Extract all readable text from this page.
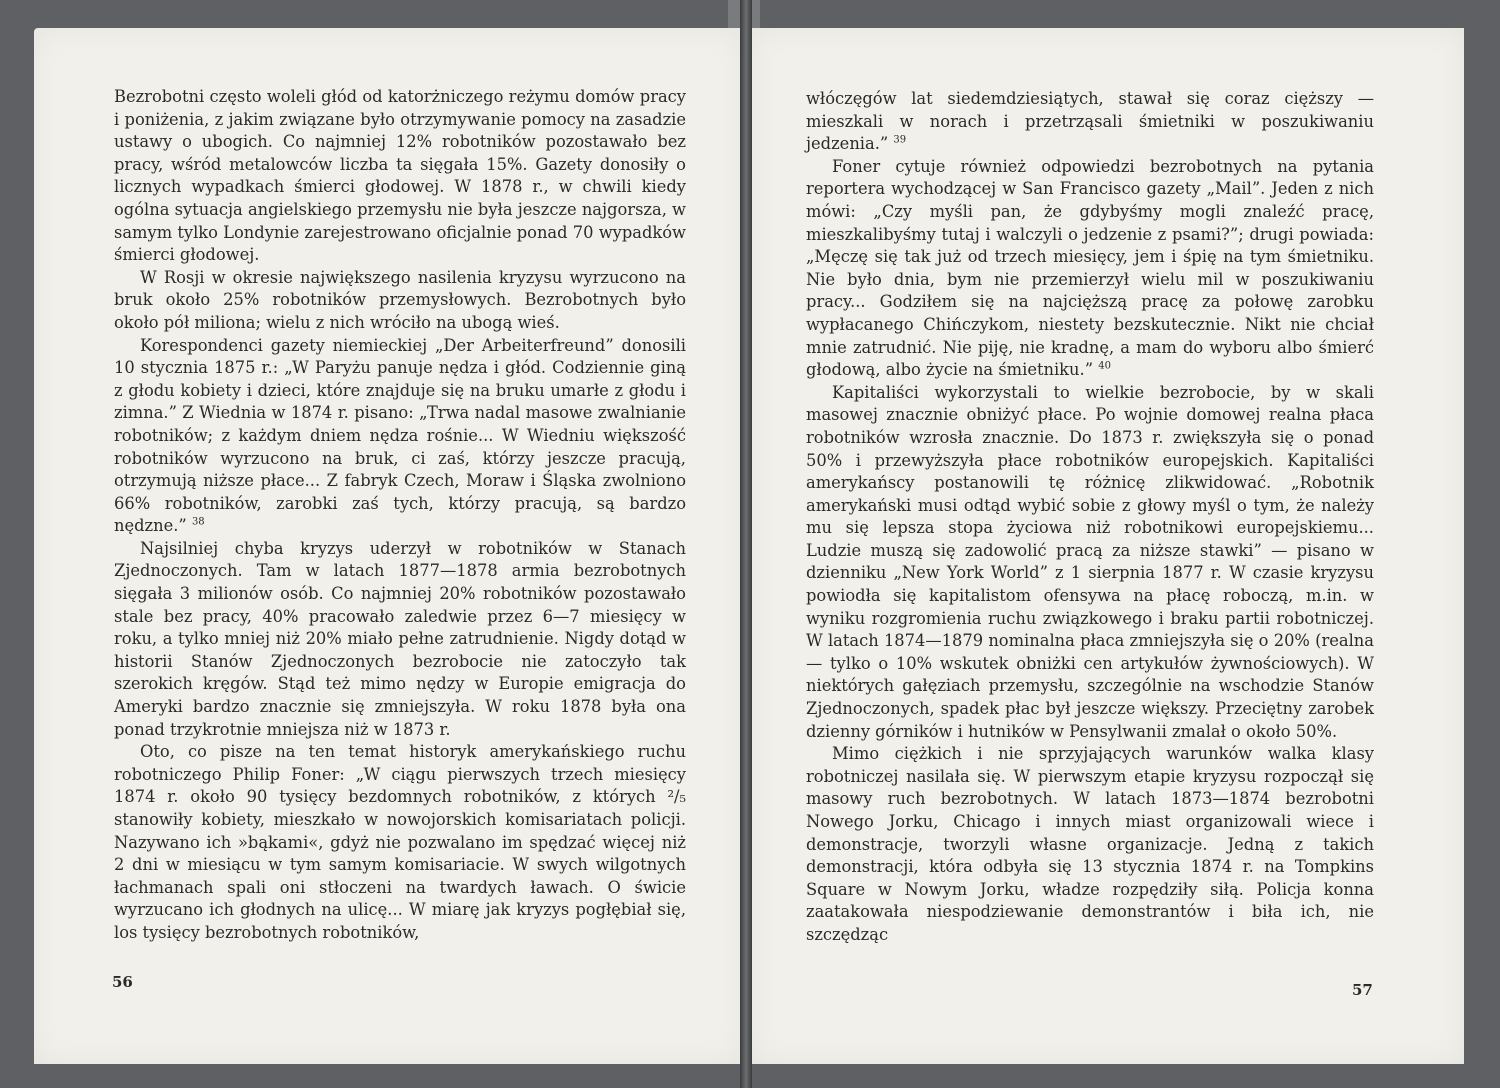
Bezrobotni często woleli głód od katorżniczego reżymu domów pracy i poniżenia, z jakim związane było otrzymywanie pomocy na zasadzie ustawy o ubogich. Co najmniej 12% robotników pozostawało bez pracy, wśród metalowców liczba ta sięgała 15%. Gazety donosiły o licznych wypadkach śmierci głodowej. W 1878 r., w chwili kiedy ogólna sytuacja angielskiego przemysłu nie była jeszcze najgorsza, w samym tylko Londynie zarejestrowano oficjalnie ponad 70 wypadków śmierci głodowej.

W Rosji w okresie największego nasilenia kryzysu wyrzucono na bruk około 25% robotników przemysłowych. Bezrobotnych było około pół miliona; wielu z nich wróciło na ubogą wieś.

Korespondenci gazety niemieckiej „Der Arbeiterfreund” donosili 10 stycznia 1875 r.: „W Paryżu panuje nędza i głód. Codziennie giną z głodu kobiety i dzieci, które znajduje się na bruku umarłe z głodu i zimna.” Z Wiednia w 1874 r. pisano: „Trwa nadal masowe zwalnianie robotników; z każdym dniem nędza rośnie... W Wiedniu większość robotników wyrzucono na bruk, ci zaś, którzy jeszcze pracują, otrzymują niższe płace... Z fabryk Czech, Moraw i Śląska zwolniono 66% robotników, zarobki zaś tych, którzy pracują, są bardzo nędzne.” $^{38}$

Najsilniej chyba kryzys uderzył w robotników w Stanach Zjednoczonych. Tam w latach 1877—1878 armia bezrobotnych sięgała 3 milionów osób. Co najmniej 20% robotników pozostawało stale bez pracy, 40% pracowało zaledwie przez 6—7 miesięcy w roku, a tylko mniej niż 20% miało pełne zatrudnienie. Nigdy dotąd w historii Stanów Zjednoczonych bezrobocie nie zatoczyło tak szerokich kręgów. Stąd też mimo nędzy w Europie emigracja do Ameryki bardzo znacznie się zmniejszyła. W roku 1878 była ona ponad trzykrotnie mniejsza niż w 1873 r.

Oto, co pisze na ten temat historyk amerykańskiego ruchu robotniczego Philip Foner: „W ciągu pierwszych trzech miesięcy 1874 r. około 90 tysięcy bezdomnych robotników, z których ²/₅ stanowiły kobiety, mieszkało w nowojorskich komisariatach policji. Nazywano ich »bąkami«, gdyż nie pozwalano im spędzać więcej niż 2 dni w miesiącu w tym samym komisariacie. W swych wilgotnych łachmanach spali oni stłoczeni na twardych ławach. O świcie wyrzucano ich głodnych na ulicę... W miarę jak kryzys pogłębiał się, los tysięcy bezrobotnych robotników,

56

włóczęgów lat siedemdziesiątych, stawał się coraz cięższy — mieszkali w norach i przetrząsali śmietniki w poszukiwaniu jedzenia.” $^{39}$

Foner cytuje również odpowiedzi bezrobotnych na pytania reportera wychodzącej w San Francisco gazety „Mail”. Jeden z nich mówi: „Czy myśli pan, że gdybyśmy mogli znaleźć pracę, mieszkalibyśmy tutaj i walczyli o jedzenie z psami?”; drugi powiada: „Męczę się tak już od trzech miesięcy, jem i śpię na tym śmietniku. Nie było dnia, bym nie przemierzył wielu mil w poszukiwaniu pracy... Godziłem się na najcięższą pracę za połowę zarobku wypłacanego Chińczykom, niestety bezskutecznie. Nikt nie chciał mnie zatrudnić. Nie piję, nie kradnę, a mam do wyboru albo śmierć głodową, albo życie na śmietniku.” $^{40}$

Kapitaliści wykorzystali to wielkie bezrobocie, by w skali masowej znacznie obniżyć płace. Po wojnie domowej realna płaca robotników wzrosła znacznie. Do 1873 r. zwiększyła się o ponad 50% i przewyższyła płace robotników europejskich. Kapitaliści amerykańscy postanowili tę różnicę zlikwidować. „Robotnik amerykański musi odtąd wybić sobie z głowy myśl o tym, że należy mu się lepsza stopa życiowa niż robotnikowi europejskiemu... Ludzie muszą się zadowolić pracą za niższe stawki” — pisano w dzienniku „New York World” z 1 sierpnia 1877 r. W czasie kryzysu powiodła się kapitalistom ofensywa na płacę roboczą, m.in. w wyniku rozgromienia ruchu związkowego i braku partii robotniczej. W latach 1874—1879 nominalna płaca zmniejszyła się o 20% (realna — tylko o 10% wskutek obniżki cen artykułów żywnościowych). W niektórych gałęziach przemysłu, szczególnie na wschodzie Stanów Zjednoczonych, spadek płac był jeszcze większy. Przeciętny zarobek dzienny górników i hutników w Pensylwanii zmalał o około 50%.

Mimo ciężkich i nie sprzyjających warunków walka klasy robotniczej nasilała się. W pierwszym etapie kryzysu rozpoczął się masowy ruch bezrobotnych. W latach 1873—1874 bezrobotni Nowego Jorku, Chicago i innych miast organizowali wiece i demonstracje, tworzyli własne organizacje. Jedną z takich demonstracji, która odbyła się 13 stycznia 1874 r. na Tompkins Square w Nowym Jorku, władze rozpędziły siłą. Policja konna zaatakowała niespodziewanie demonstrantów i biła ich, nie szczędząc

57
